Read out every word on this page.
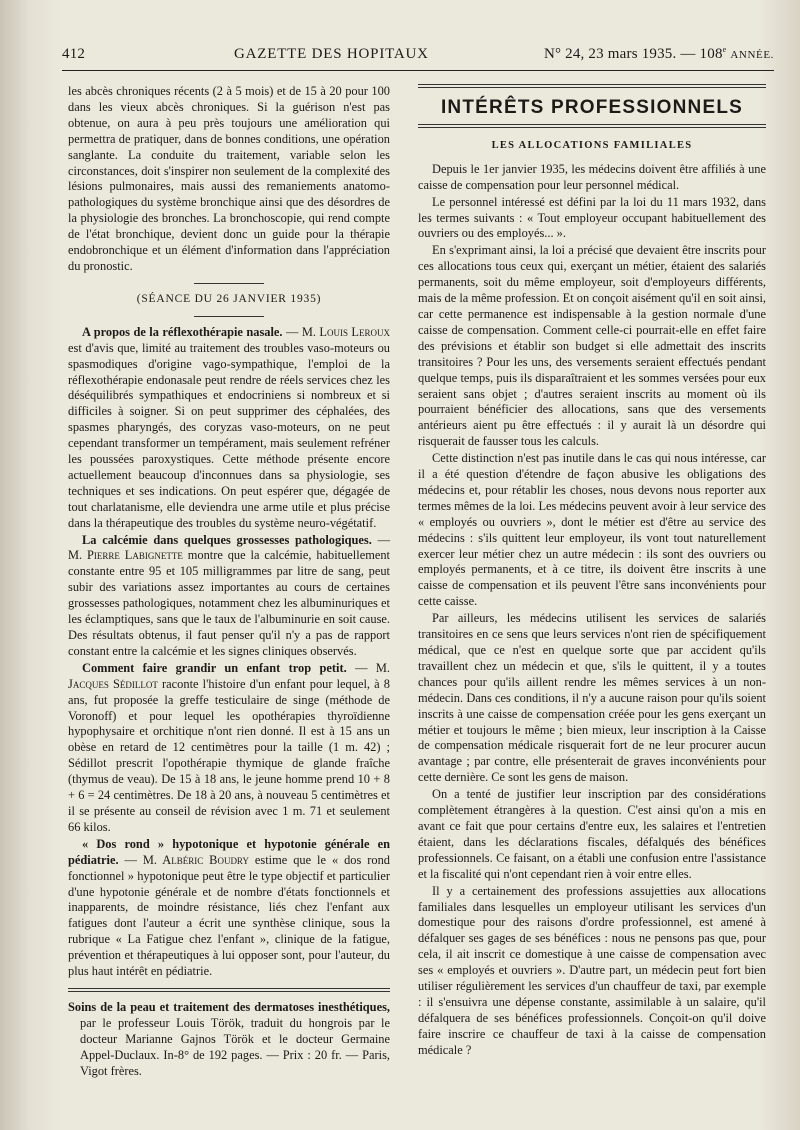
412	GAZETTE DES HOPITAUX	N° 24, 23 mars 1935. — 108e ANNÉE.

les abcès chroniques récents (2 à 5 mois) et de 15 à 20 pour 100 dans les vieux abcès chroniques. Si la guérison n'est pas obtenue, on aura à peu près toujours une amélioration qui permettra de pratiquer, dans de bonnes conditions, une opération sanglante. La conduite du traitement, variable selon les circonstances, doit s'inspirer non seulement de la complexité des lésions pulmonaires, mais aussi des remaniements anatomo-pathologiques du système bronchique ainsi que des désordres de la physiologie des bronches. La bronchoscopie, qui rend compte de l'état bronchique, devient donc un guide pour la thérapie endobronchique et un élément d'information dans l'appréciation du pronostic.

(SÉANCE DU 26 JANVIER 1935)

A propos de la réflexothérapie nasale. — M. Louis Leroux est d'avis que, limité au traitement des troubles vaso-moteurs ou spasmodiques d'origine vago-sympathique, l'emploi de la réflexothérapie endonasale peut rendre de réels services chez les déséquilibrés sympathiques et endocriniens si nombreux et si difficiles à soigner. Si on peut supprimer des céphalées, des spasmes pharyngés, des coryzas vaso-moteurs, on ne peut cependant transformer un tempérament, mais seulement refréner les poussées paroxystiques. Cette méthode présente encore actuellement beaucoup d'inconnues dans sa physiologie, ses techniques et ses indications. On peut espérer que, dégagée de tout charlatanisme, elle deviendra une arme utile et plus précise dans la thérapeutique des troubles du système neuro-végétatif.

La calcémie dans quelques grossesses pathologiques. — M. Pierre Labignette montre que la calcémie, habituellement constante entre 95 et 105 milligrammes par litre de sang, peut subir des variations assez importantes au cours de certaines grossesses pathologiques, notamment chez les albuminuriques et les éclamptiques, sans que le taux de l'albuminurie en soit cause. Des résultats obtenus, il faut penser qu'il n'y a pas de rapport constant entre la calcémie et les signes cliniques observés.

Comment faire grandir un enfant trop petit. — M. Jacques Sédillot raconte l'histoire d'un enfant pour lequel, à 8 ans, fut proposée la greffe testiculaire de singe (méthode de Voronoff) et pour lequel les opothérapies thyroïdienne hypophysaire et orchitique n'ont rien donné. Il est à 15 ans un obèse en retard de 12 centimètres pour la taille (1 m. 42) ; Sédillot prescrit l'opothérapie thymique de glande fraîche (thymus de veau). De 15 à 18 ans, le jeune homme prend 10 + 8 + 6 = 24 centimètres. De 18 à 20 ans, à nouveau 5 centimètres et il se présente au conseil de révision avec 1 m. 71 et seulement 66 kilos.

« Dos rond » hypotonique et hypotonie générale en pédiatrie. — M. Albéric Boudry estime que le « dos rond fonctionnel » hypotonique peut être le type objectif et particulier d'une hypotonie générale et de nombre d'états fonctionnels et inapparents, de moindre résistance, liés chez l'enfant aux fatigues dont l'auteur a écrit une synthèse clinique, sous la rubrique « La Fatigue chez l'enfant », clinique de la fatigue, prévention et thérapeutiques à lui opposer sont, pour l'auteur, du plus haut intérêt en pédiatrie.

Soins de la peau et traitement des dermatoses inesthétiques, par le professeur Louis Török, traduit du hongrois par le docteur Marianne Gajnos Török et le docteur Germaine Appel-Duclaux. In-8° de 192 pages. — Prix : 20 fr. — Paris, Vigot frères.

INTÉRÊTS PROFESSIONNELS
LES ALLOCATIONS FAMILIALES

Depuis le 1er janvier 1935, les médecins doivent être affiliés à une caisse de compensation pour leur personnel médical.

Le personnel intéressé est défini par la loi du 11 mars 1932, dans les termes suivants : « Tout employeur occupant habituellement des ouvriers ou des employés... ».

En s'exprimant ainsi, la loi a précisé que devaient être inscrits pour ces allocations tous ceux qui, exerçant un métier, étaient des salariés permanents, soit du même employeur, soit d'employeurs différents, mais de la même profession. Et on conçoit aisément qu'il en soit ainsi, car cette permanence est indispensable à la gestion normale d'une caisse de compensation. Comment celle-ci pourrait-elle en effet faire des prévisions et établir son budget si elle admettait des inscrits transitoires ? Pour les uns, des versements seraient effectués pendant quelque temps, puis ils disparaîtraient et les sommes versées pour eux seraient sans objet ; d'autres seraient inscrits au moment où ils pourraient bénéficier des allocations, sans que des versements antérieurs aient pu être effectués : il y aurait là un désordre qui risquerait de fausser tous les calculs.

Cette distinction n'est pas inutile dans le cas qui nous intéresse, car il a été question d'étendre de façon abusive les obligations des médecins et, pour rétablir les choses, nous devons nous reporter aux termes mêmes de la loi. Les médecins peuvent avoir à leur service des « employés ou ouvriers », dont le métier est d'être au service des médecins : s'ils quittent leur employeur, ils vont tout naturellement exercer leur métier chez un autre médecin : ils sont des ouvriers ou employés permanents, et à ce titre, ils doivent être inscrits à une caisse de compensation et ils peuvent l'être sans inconvénients pour cette caisse.

Par ailleurs, les médecins utilisent les services de salariés transitoires en ce sens que leurs services n'ont rien de spécifiquement médical, que ce n'est en quelque sorte que par accident qu'ils travaillent chez un médecin et que, s'ils le quittent, il y a toutes chances pour qu'ils aillent rendre les mêmes services à un non-médecin. Dans ces conditions, il n'y a aucune raison pour qu'ils soient inscrits à une caisse de compensation créée pour les gens exerçant un métier et toujours le même ; bien mieux, leur inscription à la Caisse de compensation médicale risquerait fort de ne leur procurer aucun avantage ; par contre, elle présenterait de graves inconvénients pour cette dernière. Ce sont les gens de maison.

On a tenté de justifier leur inscription par des considérations complètement étrangères à la question. C'est ainsi qu'on a mis en avant ce fait que pour certains d'entre eux, les salaires et l'entretien étaient, dans les déclarations fiscales, défalqués des bénéfices professionnels. Ce faisant, on a établi une confusion entre l'assistance et la fiscalité qui n'ont cependant rien à voir entre elles.

Il y a certainement des professions assujetties aux allocations familiales dans lesquelles un employeur utilisant les services d'un domestique pour des raisons d'ordre professionnel, est amené à défalquer ses gages de ses bénéfices : nous ne pensons pas que, pour cela, il ait inscrit ce domestique à une caisse de compensation avec ses « employés et ouvriers ». D'autre part, un médecin peut fort bien utiliser régulièrement les services d'un chauffeur de taxi, par exemple : il s'ensuivra une dépense constante, assimilable à un salaire, qu'il défalquera de ses bénéfices professionnels. Conçoit-on qu'il doive faire inscrire ce chauffeur de taxi à la caisse de compensation médicale ?
